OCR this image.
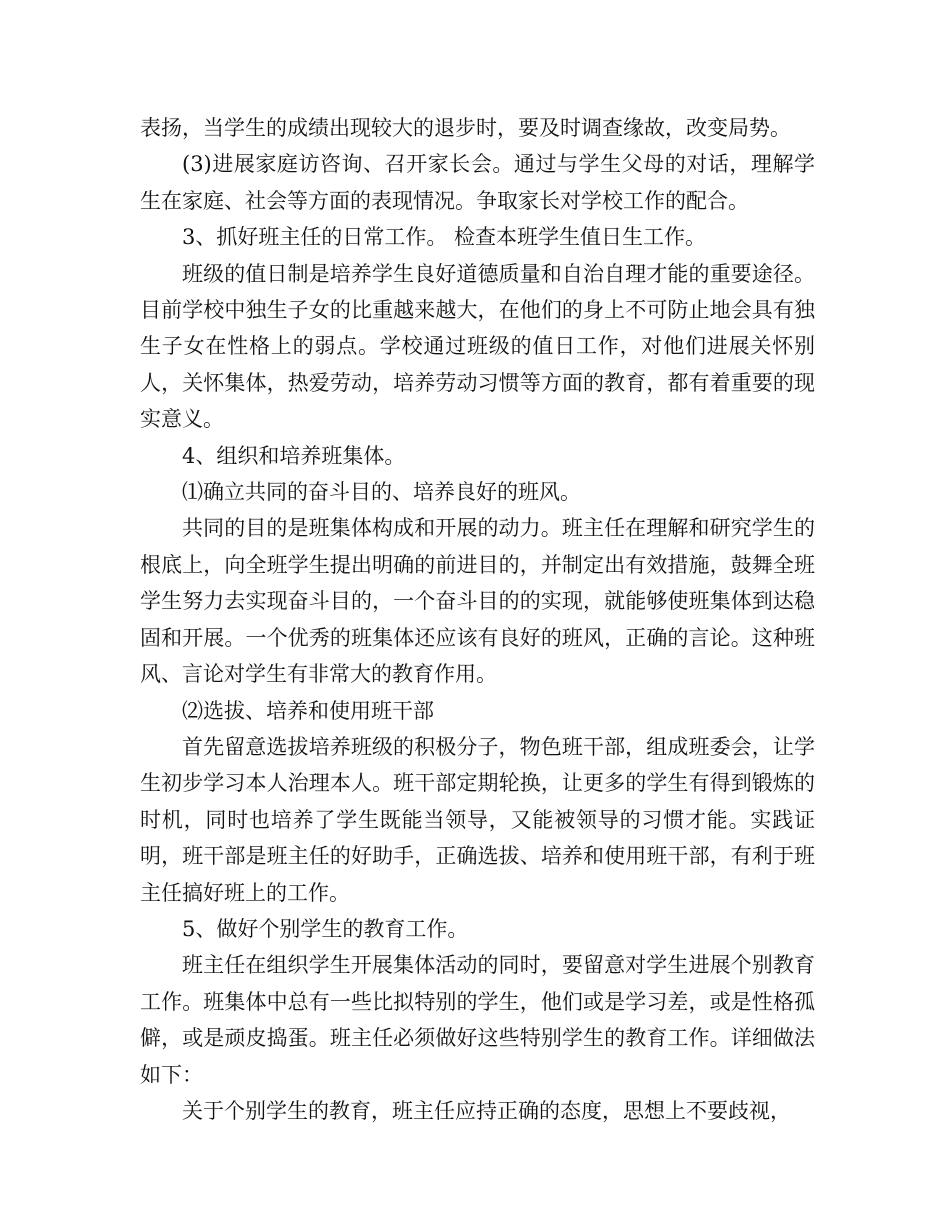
表扬，当学生的成绩出现较大的退步时，要及时调查缘故，改变局势。

(3)进展家庭访咨询、召开家长会。通过与学生父母的对话，理解学生在家庭、社会等方面的表现情况。争取家长对学校工作的配合。

3、抓好班主任的日常工作。 检查本班学生值日生工作。

班级的值日制是培养学生良好道德质量和自治自理才能的重要途径。目前学校中独生子女的比重越来越大，在他们的身上不可防止地会具有独生子女在性格上的弱点。学校通过班级的值日工作，对他们进展关怀别人，关怀集体，热爱劳动，培养劳动习惯等方面的教育，都有着重要的现实意义。

4、组织和培养班集体。

⑴确立共同的奋斗目的、培养良好的班风。

共同的目的是班集体构成和开展的动力。班主任在理解和研究学生的根底上，向全班学生提出明确的前进目的，并制定出有效措施，鼓舞全班学生努力去实现奋斗目的，一个奋斗目的的实现，就能够使班集体到达稳固和开展。一个优秀的班集体还应该有良好的班风，正确的言论。这种班风、言论对学生有非常大的教育作用。

⑵选拔、培养和使用班干部

首先留意选拔培养班级的积极分子，物色班干部，组成班委会，让学生初步学习本人治理本人。班干部定期轮换，让更多的学生有得到锻炼的时机，同时也培养了学生既能当领导，又能被领导的习惯才能。实践证明，班干部是班主任的好助手，正确选拔、培养和使用班干部，有利于班主任搞好班上的工作。

5、做好个别学生的教育工作。

班主任在组织学生开展集体活动的同时，要留意对学生进展个别教育工作。班集体中总有一些比拟特别的学生，他们或是学习差，或是性格孤僻，或是顽皮捣蛋。班主任必须做好这些特别学生的教育工作。详细做法如下：

关于个别学生的教育，班主任应持正确的态度，思想上不要歧视，
